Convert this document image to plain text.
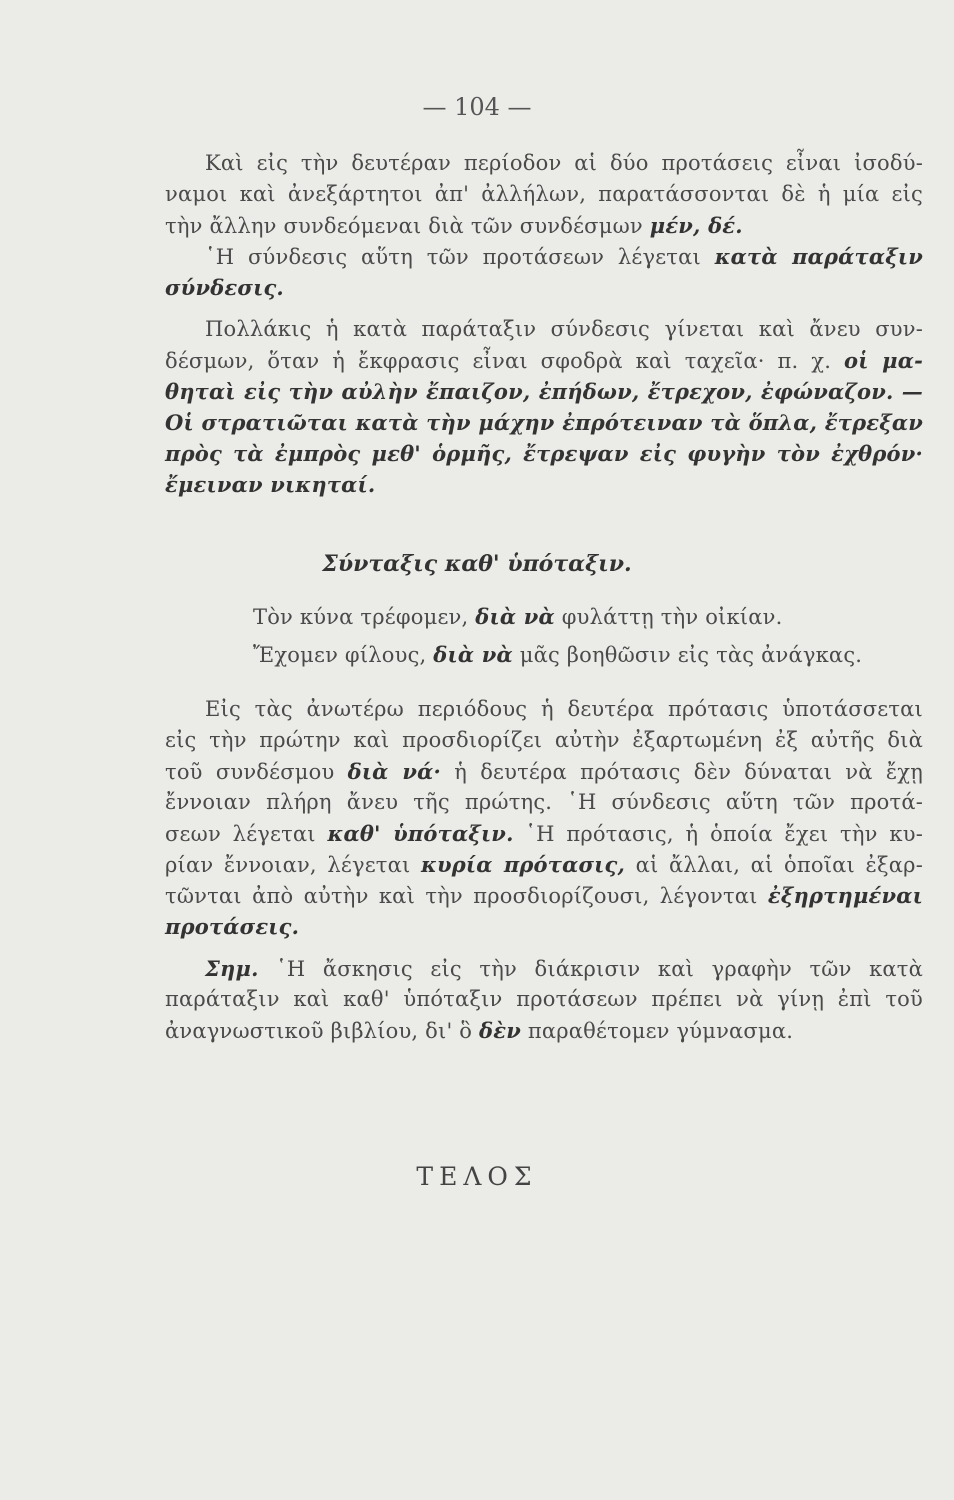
— 104 —
Καὶ εἰς τὴν δευτέραν περίοδον αἱ δύο προτάσεις εἶναι ἰσοδύ-
ναμοι καὶ ἀνεξάρτητοι ἀπ' ἀλλήλων, παρατάσσονται δὲ ἡ μία εἰς
τὴν ἄλλην συνδεόμεναι διὰ τῶν συνδέσμων μέν, δέ.
῾Η σύνδεσις αὕτη τῶν προτάσεων λέγεται κατὰ παράταξιν
σύνδεσις.
Πολλάκις ἡ κατὰ παράταξιν σύνδεσις γίνεται καὶ ἄνευ συν-
δέσμων, ὅταν ἡ ἔκφρασις εἶναι σφοδρὰ καὶ ταχεῖα· π. χ. οἱ μα-
θηταὶ εἰς τὴν αὐλὴν ἔπαιζον, ἐπήδων, ἔτρεχον, ἐφώναζον. —
Οἱ στρατιῶται κατὰ τὴν μάχην ἐπρότειναν τὰ ὅπλα, ἔτρεξαν
πρὸς τὰ ἐμπρὸς μεθ' ὁρμῆς, ἔτρεψαν εἰς φυγὴν τὸν ἐχθρόν·
ἔμειναν νικηταί.
Σύνταξις καθ' ὑπόταξιν.
Τὸν κύνα τρέφομεν, διὰ νὰ φυλάττῃ τὴν οἰκίαν.
Ἔχομεν φίλους, διὰ νὰ μᾶς βοηθῶσιν εἰς τὰς ἀνάγκας.
Εἰς τὰς ἀνωτέρω περιόδους ἡ δευτέρα πρότασις ὑποτάσσεται
εἰς τὴν πρώτην καὶ προσδιορίζει αὐτὴν ἐξαρτωμένη ἐξ αὐτῆς διὰ
τοῦ συνδέσμου διὰ νά· ἡ δευτέρα πρότασις δὲν δύναται νὰ ἔχῃ
ἔννοιαν πλήρη ἄνευ τῆς πρώτης. ῾Η σύνδεσις αὕτη τῶν προτά-
σεων λέγεται καθ' ὑπόταξιν. ῾Η πρότασις, ἡ ὁποία ἔχει τὴν κυ-
ρίαν ἔννοιαν, λέγεται κυρία πρότασις, αἱ ἄλλαι, αἱ ὁποῖαι ἐξαρ-
τῶνται ἀπὸ αὐτὴν καὶ τὴν προσδιορίζουσι, λέγονται ἐξηρτημέναι
προτάσεις.
Σημ. ῾Η ἄσκησις εἰς τὴν διάκρισιν καὶ γραφὴν τῶν κατὰ
παράταξιν καὶ καθ' ὑπόταξιν προτάσεων πρέπει νὰ γίνῃ ἐπὶ τοῦ
ἀναγνωστικοῦ βιβλίου, δι' ὃ δὲν παραθέτομεν γύμνασμα.
ΤΕΛΟΣ
